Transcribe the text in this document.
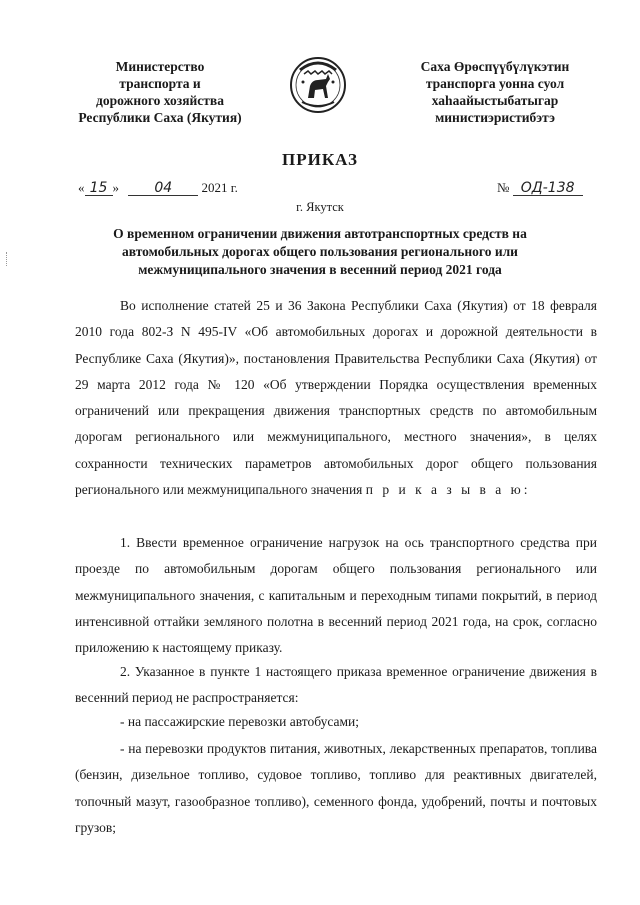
Министерство
транспорта и
дорожного хозяйства
Республики Саха (Якутия)
Саха Өрөспүүбүлүкэтин
транспорга уонна суол
хаһаайыстыбатыгар
министиэристибэтэ
ПРИКАЗ
« 15 » 04 2021 г.	№ ОД-138
г. Якутск
О временном ограничении движения автотранспортных средств на автомобильных дорогах общего пользования регионального или межмуниципального значения в весенний период 2021 года
Во исполнение статей 25 и 36 Закона Республики Саха (Якутия) от 18 февраля 2010 года 802-З N 495-IV «Об автомобильных дорогах и дорожной деятельности в Республике Саха (Якутия)», постановления Правительства Республики Саха (Якутия) от 29 марта 2012 года № 120 «Об утверждении Порядка осуществления временных ограничений или прекращения движения транспортных средств по автомобильным дорогам регионального или межмуниципального, местного значения», в целях сохранности технических параметров автомобильных дорог общего пользования регионального или межмуниципального значения п р и к а з ы в а ю:
1. Ввести временное ограничение нагрузок на ось транспортного средства при проезде по автомобильным дорогам общего пользования регионального или межмуниципального значения, с капитальным и переходным типами покрытий, в период интенсивной оттайки земляного полотна в весенний период 2021 года, на срок, согласно приложению к настоящему приказу.
2. Указанное в пункте 1 настоящего приказа временное ограничение движения в весенний период не распространяется:
- на пассажирские перевозки автобусами;
- на перевозки продуктов питания, животных, лекарственных препаратов, топлива (бензин, дизельное топливо, судовое топливо, топливо для реактивных двигателей, топочный мазут, газообразное топливо), семенного фонда, удобрений, почты и почтовых грузов;
